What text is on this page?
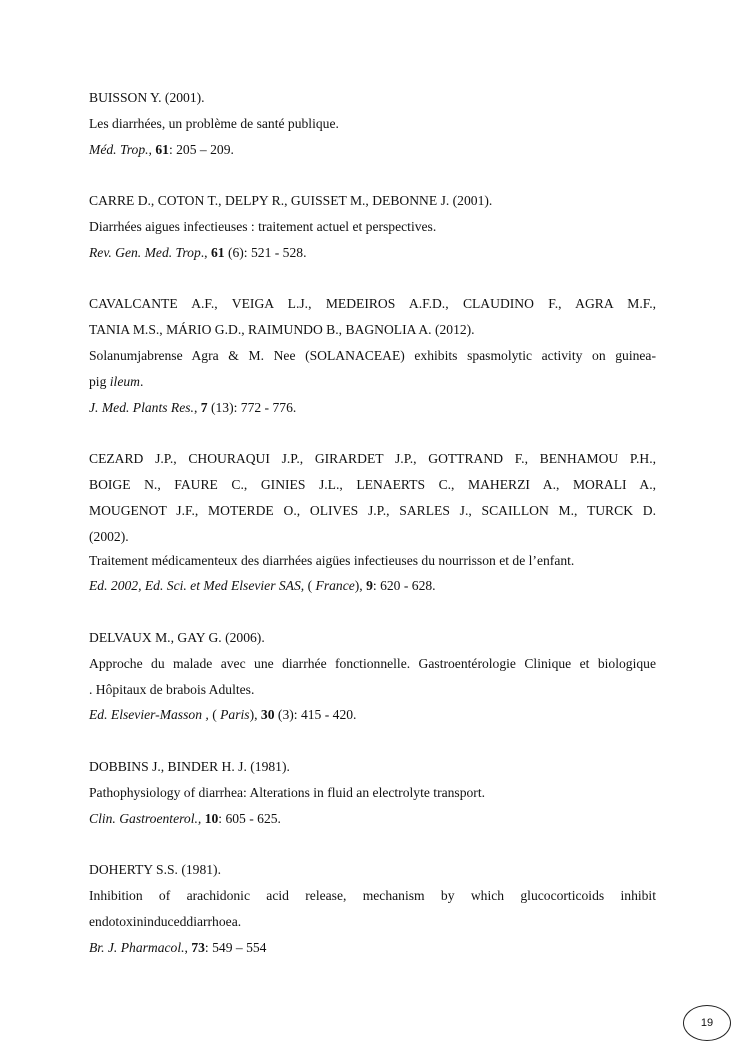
BUISSON Y. (2001).
Les diarrhées, un problème de santé publique.
Méd. Trop., 61: 205 – 209.
CARRE D., COTON T., DELPY R., GUISSET M., DEBONNE J. (2001).
Diarrhées aigues infectieuses : traitement actuel et perspectives.
Rev. Gen. Med. Trop., 61 (6): 521 - 528.
CAVALCANTE A.F., VEIGA L.J., MEDEIROS A.F.D., CLAUDINO F., AGRA M.F.,
TANIA M.S., MÁRIO G.D., RAIMUNDO B., BAGNOLIA A. (2012).
Solanumjabrense Agra & M. Nee (SOLANACEAE) exhibits spasmolytic activity on guinea-
pig ileum.
J. Med. Plants Res., 7 (13): 772 - 776.
CEZARD J.P., CHOURAQUI J.P., GIRARDET J.P., GOTTRAND F., BENHAMOU P.H.,
BOIGE N., FAURE C., GINIES J.L., LENAERTS C., MAHERZI A., MORALI A.,
MOUGENOT J.F., MOTERDE O., OLIVES J.P., SARLES J., SCAILLON M., TURCK D.
(2002).
Traitement médicamenteux des diarrhées aigües infectieuses du nourrisson et de l’enfant.
Ed. 2002, Ed. Sci. et Med Elsevier SAS, ( France), 9: 620 - 628.
DELVAUX M., GAY G. (2006).
Approche du malade avec une diarrhée fonctionnelle. Gastroentérologie Clinique et biologique
. Hôpitaux de brabois Adultes.
Ed. Elsevier-Masson , ( Paris), 30 (3): 415 - 420.
DOBBINS J., BINDER H. J. (1981).
Pathophysiology of diarrhea: Alterations in fluid an electrolyte transport.
Clin. Gastroenterol., 10: 605 - 625.
DOHERTY S.S. (1981).
Inhibition of arachidonic acid release, mechanism by which glucocorticoids inhibit
endotoxininduceddiarrhoea.
Br. J. Pharmacol., 73: 549 – 554
19
